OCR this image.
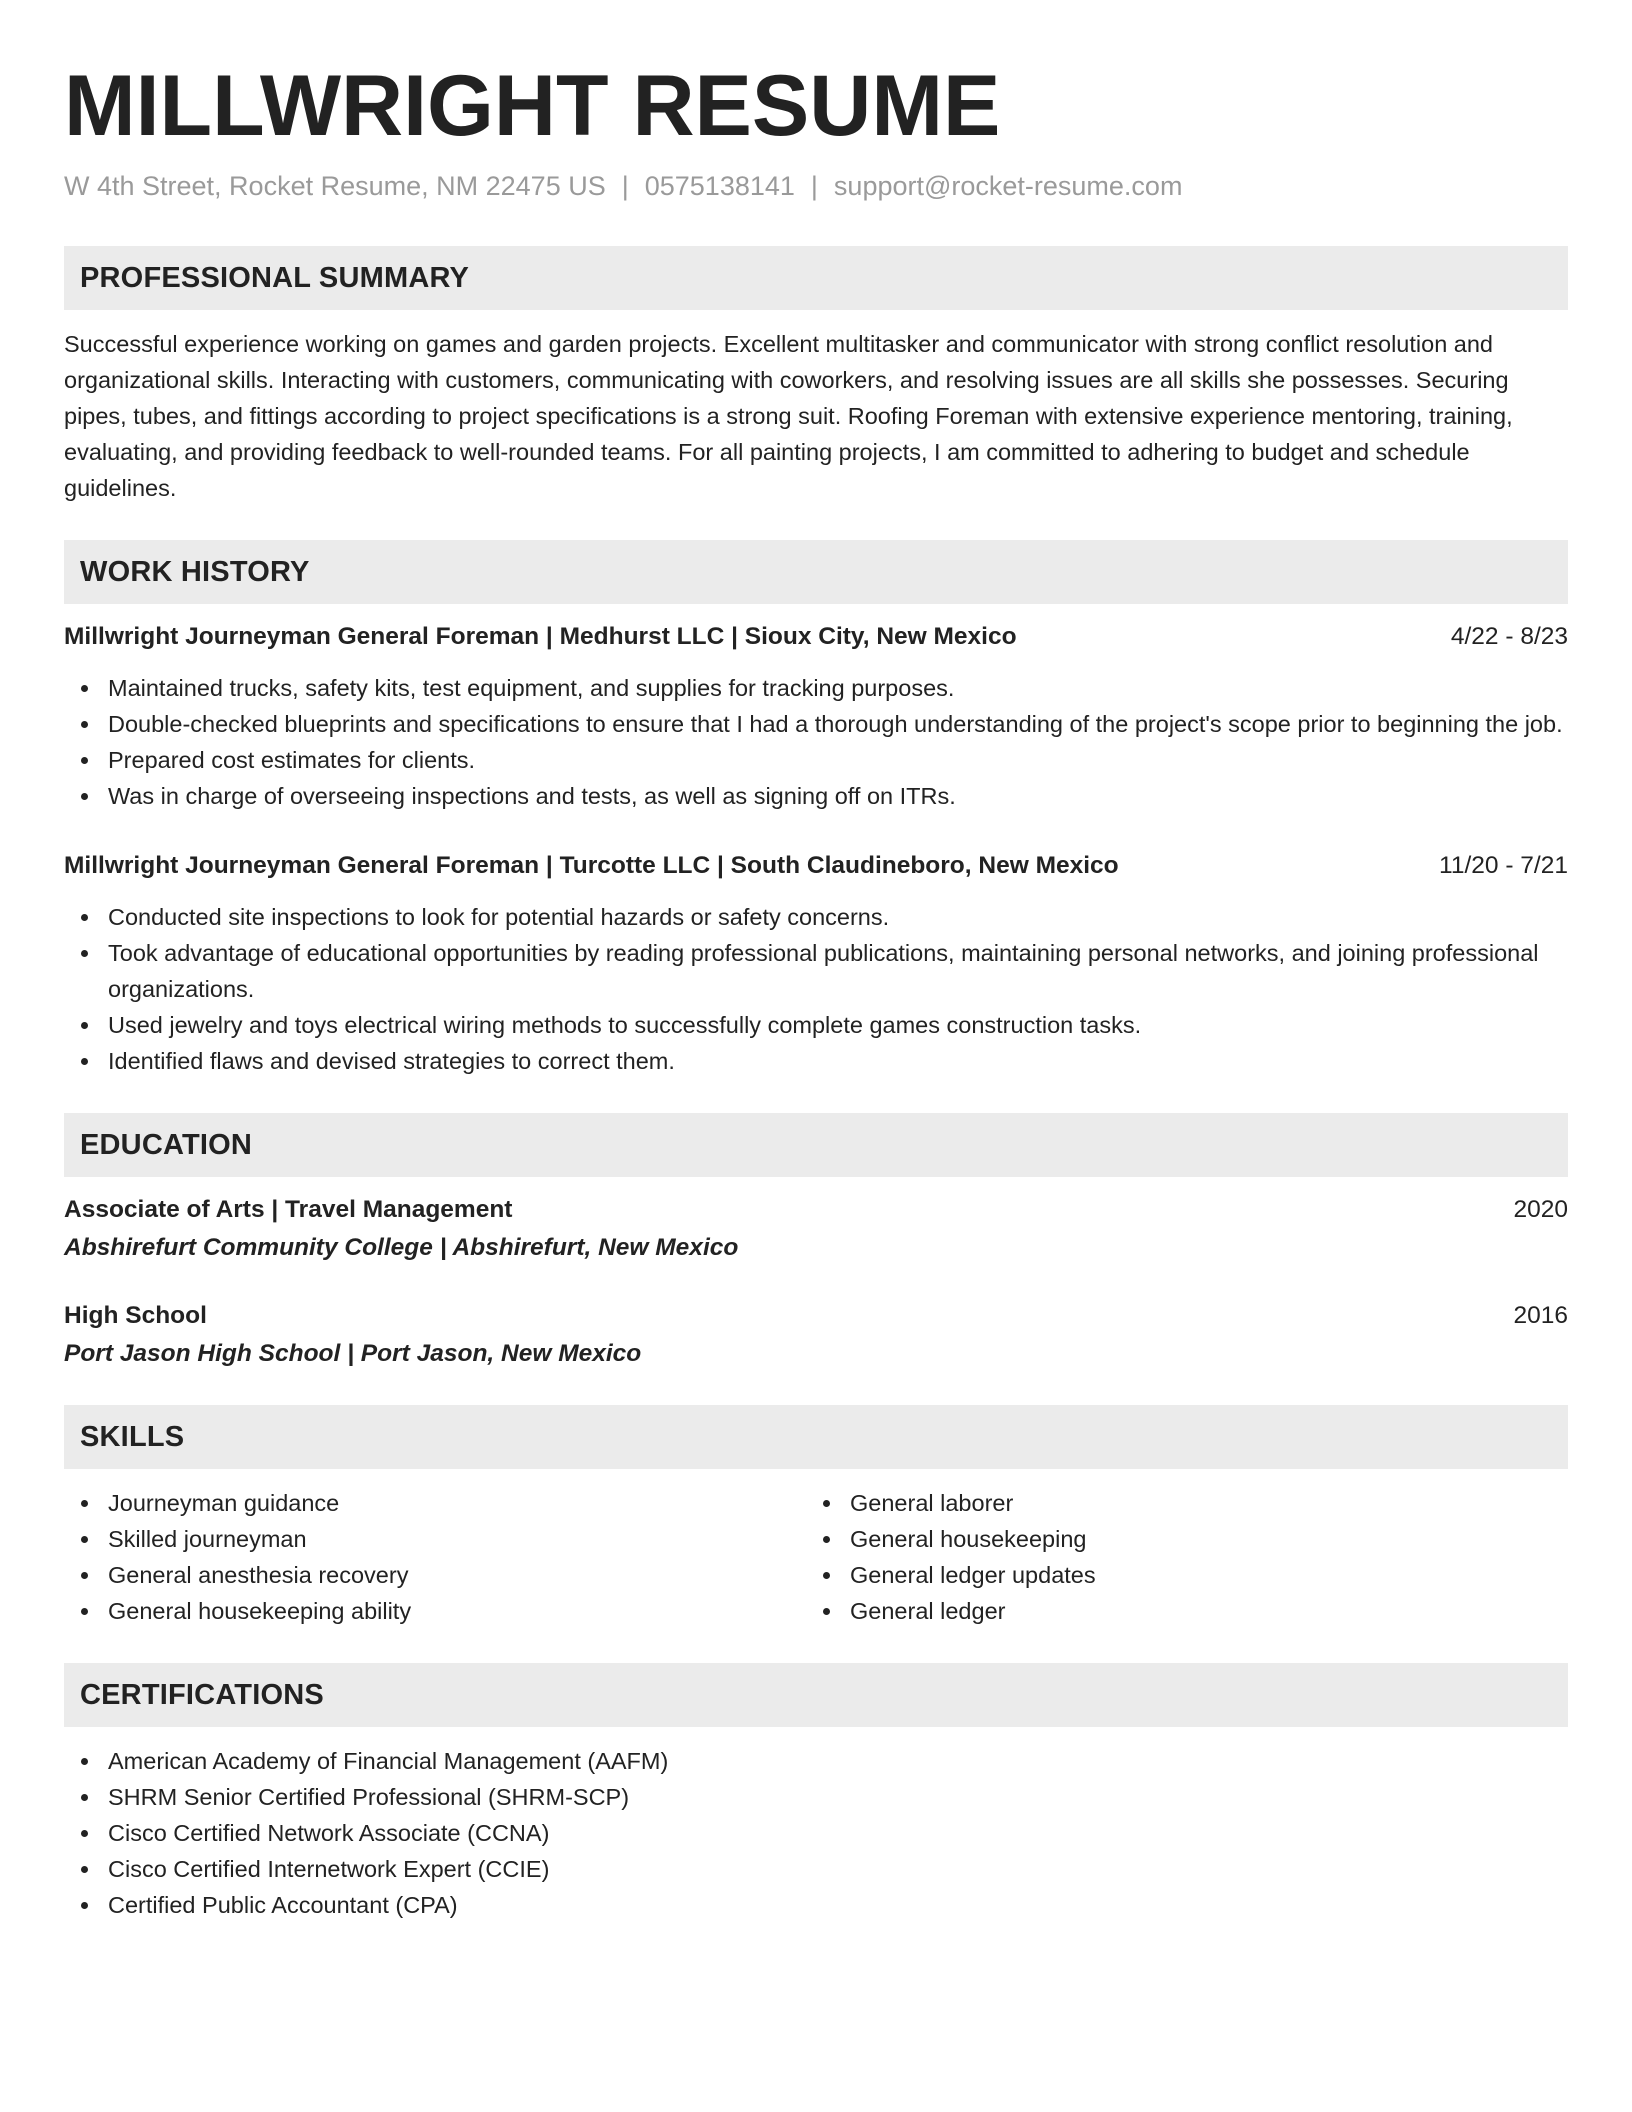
MILLWRIGHT RESUME
W 4th Street, Rocket Resume, NM 22475 US | 0575138141 | support@rocket-resume.com
PROFESSIONAL SUMMARY

Successful experience working on games and garden projects. Excellent multitasker and communicator with strong conflict resolution and organizational skills. Interacting with customers, communicating with coworkers, and resolving issues are all skills she possesses. Securing pipes, tubes, and fittings according to project specifications is a strong suit. Roofing Foreman with extensive experience mentoring, training, evaluating, and providing feedback to well-rounded teams. For all painting projects, I am committed to adhering to budget and schedule guidelines.

WORK HISTORY
Millwright Journeyman General Foreman | Medhurst LLC | Sioux City, New Mexico	4/22 - 8/23
Maintained trucks, safety kits, test equipment, and supplies for tracking purposes.
Double-checked blueprints and specifications to ensure that I had a thorough understanding of the project's scope prior to beginning the job.
Prepared cost estimates for clients.
Was in charge of overseeing inspections and tests, as well as signing off on ITRs.
Millwright Journeyman General Foreman | Turcotte LLC | South Claudineboro, New Mexico	11/20 - 7/21
Conducted site inspections to look for potential hazards or safety concerns.
Took advantage of educational opportunities by reading professional publications, maintaining personal networks, and joining professional organizations.
Used jewelry and toys electrical wiring methods to successfully complete games construction tasks.
Identified flaws and devised strategies to correct them.
EDUCATION
Associate of Arts | Travel Management	2020
Abshirefurt Community College | Abshirefurt, New Mexico
High School	2016
Port Jason High School | Port Jason, New Mexico
SKILLS
Journeyman guidance
Skilled journeyman
General anesthesia recovery
General housekeeping ability
General laborer
General housekeeping
General ledger updates
General ledger
CERTIFICATIONS
American Academy of Financial Management (AAFM)
SHRM Senior Certified Professional (SHRM-SCP)
Cisco Certified Network Associate (CCNA)
Cisco Certified Internetwork Expert (CCIE)
Certified Public Accountant (CPA)
